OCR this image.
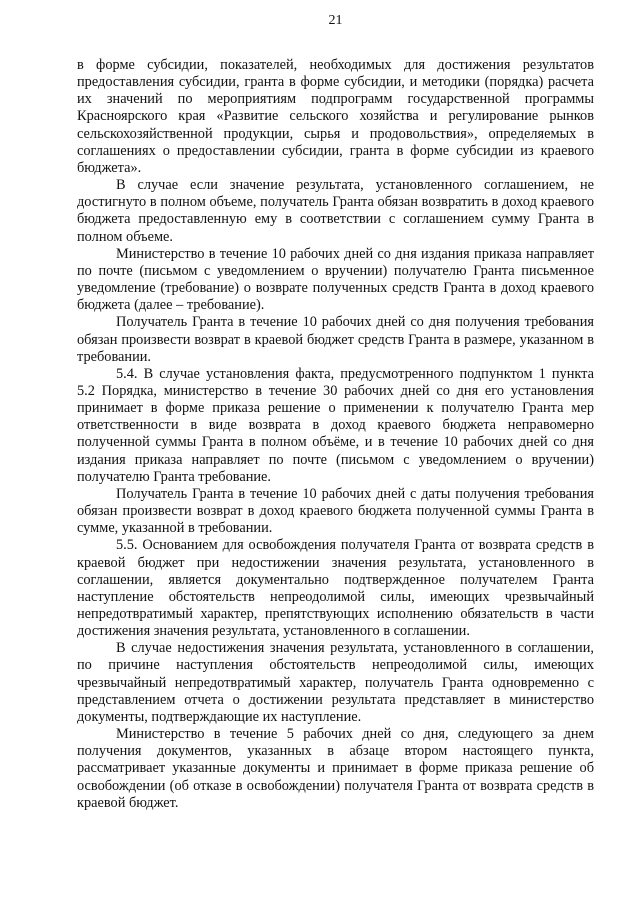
21

в форме субсидии, показателей, необходимых для достижения результатов предоставления субсидии, гранта в форме субсидии, и методики (порядка) расчета их значений по мероприятиям подпрограмм государственной программы Красноярского края «Развитие сельского хозяйства и регулирование рынков сельскохозяйственной продукции, сырья и продовольствия», определяемых в соглашениях о предоставлении субсидии, гранта в форме субсидии из краевого бюджета».

В случае если значение результата, установленного соглашением, не достигнуто в полном объеме, получатель Гранта обязан возвратить в доход краевого бюджета предоставленную ему в соответствии с соглашением сумму Гранта в полном объеме.

Министерство в течение 10 рабочих дней со дня издания приказа направляет по почте (письмом с уведомлением о вручении) получателю Гранта письменное уведомление (требование) о возврате полученных средств Гранта в доход краевого бюджета (далее – требование).

Получатель Гранта в течение 10 рабочих дней со дня получения требования обязан произвести возврат в краевой бюджет средств Гранта в размере, указанном в требовании.

5.4. В случае установления факта, предусмотренного подпунктом 1 пункта 5.2 Порядка, министерство в течение 30 рабочих дней со дня его установления принимает в форме приказа решение о применении к получателю Гранта мер ответственности в виде возврата в доход краевого бюджета неправомерно полученной суммы Гранта в полном объёме, и в течение 10 рабочих дней со дня издания приказа направляет по почте (письмом с уведомлением о вручении) получателю Гранта требование.

Получатель Гранта в течение 10 рабочих дней с даты получения требования обязан произвести возврат в доход краевого бюджета полученной суммы Гранта в сумме, указанной в требовании.

5.5. Основанием для освобождения получателя Гранта от возврата средств в краевой бюджет при недостижении значения результата, установленного в соглашении, является документально подтвержденное получателем Гранта наступление обстоятельств непреодолимой силы, имеющих чрезвычайный непредотвратимый характер, препятствующих исполнению обязательств в части достижения значения результата, установленного в соглашении.

В случае недостижения значения результата, установленного в соглашении, по причине наступления обстоятельств непреодолимой силы, имеющих чрезвычайный непредотвратимый характер, получатель Гранта одновременно с представлением отчета о достижении результата представляет в министерство документы, подтверждающие их наступление.

Министерство в течение 5 рабочих дней со дня, следующего за днем получения документов, указанных в абзаце втором настоящего пункта, рассматривает указанные документы и принимает в форме приказа решение об освобождении (об отказе в освобождении) получателя Гранта от возврата средств в краевой бюджет.
